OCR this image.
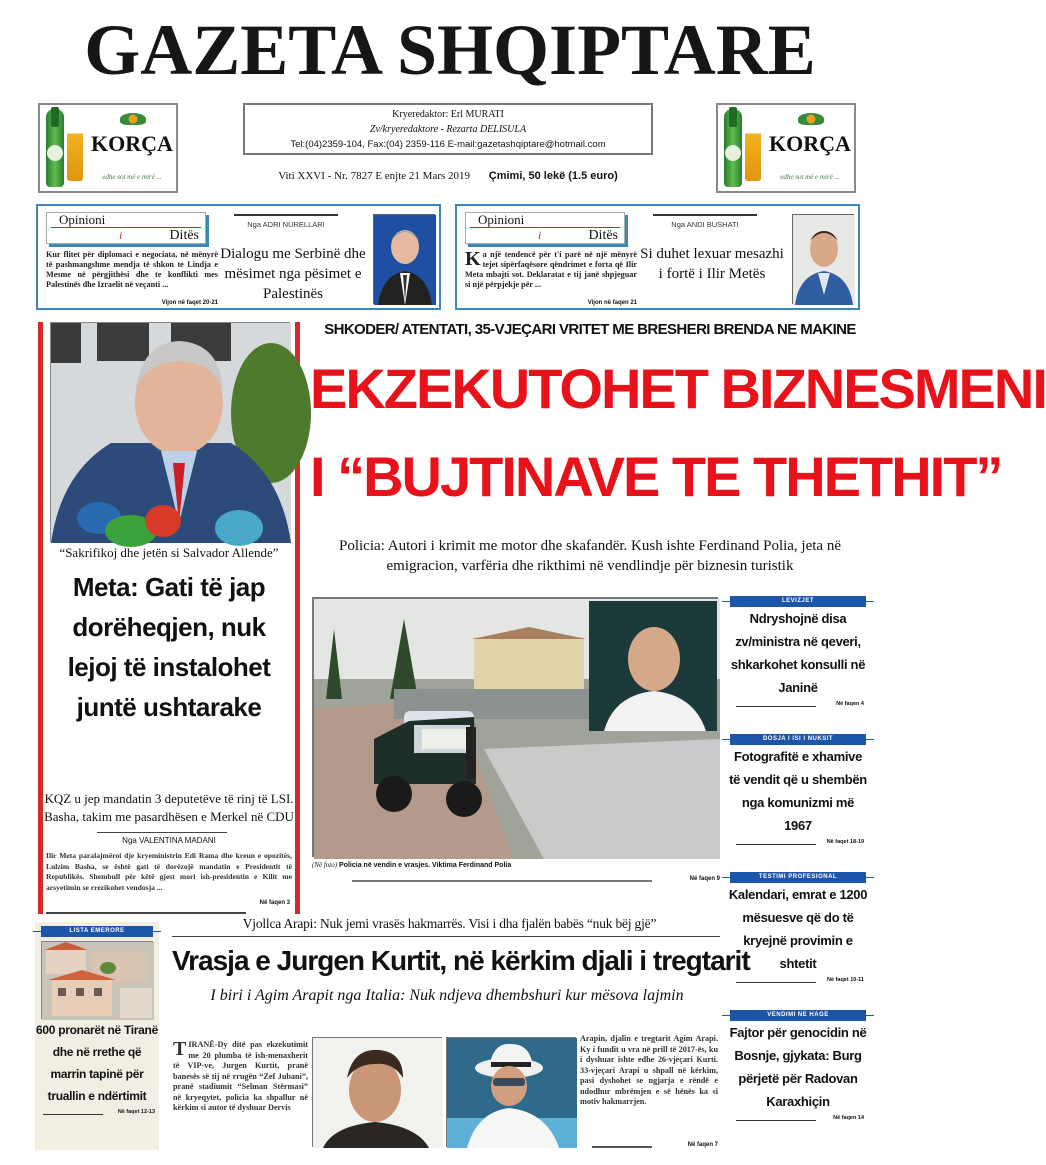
GAZETA SHQIPTARE
KORÇA
edhe sot më e mirë ...
KORÇA
edhe sot më e mirë ...
Kryeredaktor: Erl MURATI
Zv/kryeredaktore - Rezarta DELISULA
Tel:(04)2359-104, Fax:(04) 2359-116 E-mail:gazetashqiptare@hotmail.com
Viti XXVI - Nr. 7827 E enjte 21 Mars 2019 Çmimi, 50 lekë (1.5 euro)
Opinioni
i	Ditës
Kur flitet për diplomaci e negociata, në mënyrë të pashmangshme mendja të shkon te Lindja e Mesme në përgjithësi dhe te konflikti mes Palestinës dhe Izraelit në veçanti ...
Vijon në faqet 20-21
Nga ADRI NURELLARI
Dialogu me Serbinë dhe mësimet nga pësimet e Palestinës
Opinioni
i	Ditës
Ka një tendencë për t'i parë në një mënyrë tejet sipërfaqësore qëndrimet e forta që Ilir Meta mbajti sot. Deklaratat e tij janë shpjeguar si një përpjekje për ...
Vijon në faqen 21
Nga ANDI BUSHATI
Si duhet lexuar mesazhi i fortë i Ilir Metës
“Sakrifikoj dhe jetën si Salvador Allende”
Meta: Gati të jap dorëheqjen, nuk lejoj të instalohet juntë ushtarake
KQZ u jep mandatin 3 deputetëve të rinj të LSI. Basha, takim me pasardhësen e Merkel në CDU
Nga VALENTINA MADANI
Ilir Meta paralajmëroi dje kryeministrin Edi Rama dhe kreun e opozitës, Lulzim Basha, se është gati të dorëzojë mandatin e Presidentit të Republikës. Shembull për këtë gjest mori ish-presidentin e Kilit me arsyetimin se rrezikohet vendosja ...
Në faqen 3
SHKODER/ ATENTATI, 35-VJEÇARI VRITET ME BRESHERI BRENDA NE MAKINE
EKZEKUTOHET BIZNESMENI
I “BUJTINAVE TE THETHIT”
Policia: Autori i krimit me motor dhe skafandër. Kush ishte Ferdinand Polia, jeta në emigracion, varfëria dhe rikthimi në vendlindje për biznesin turistik
(Në foto) Policia në vendin e vrasjes. Viktima Ferdinand Polia
Në faqen 9
LEVIZJET
Ndryshojnë disa zv/ministra në qeveri, shkarkohet konsulli në Janinë
Në faqen 4
DOSJA I ISI I NUKSIT
Fotografitë e xhamive të vendit që u shembën nga komunizmi më 1967
Në faqet 18-19
TESTIMI PROFESIONAL
Kalendari, emrat e 1200 mësuesve që do të kryejnë provimin e shtetit
Në faqet 10-11
VENDIMI NE HAGE
Fajtor për genocidin në Bosnje, gjykata: Burg përjetë për Radovan Karaxhiçin
Në faqen 14
LISTA EMERORE
600 pronarët në Tiranë dhe në rrethe që marrin tapinë për truallin e ndërtimit
Në faqet 12-13
Vjollca Arapi: Nuk jemi vrasës hakmarrës. Visi i dha fjalën babës “nuk bëj gjë”
Vrasja e Jurgen Kurtit, në kërkim djali i tregtarit
I biri i Agim Arapit nga Italia: Nuk ndjeva dhembshuri kur mësova lajmin
TIRANË-Dy ditë pas ekzekutimit me 20 plumba të ish-menaxherit të VIP-ve, Jurgen Kurtit, pranë banesës së tij në rrugën “Zef Jubani”, pranë stadiumit “Selman Stërmasi” në kryeqytet, policia ka shpallur në kërkim si autor të dyshuar Dervis
Arapin, djalin e tregtarit Agim Arapi. Ky i fundit u vra në prill të 2017-ës, ku i dyshuar ishte edhe 26-vjeçari Kurti. 33-vjeçari Arapi u shpall në kërkim, pasi dyshohet se ngjarja e rëndë e ndodhur mbrëmjen e së hënës ka si motiv hakmarrjen.
Në faqen 7
